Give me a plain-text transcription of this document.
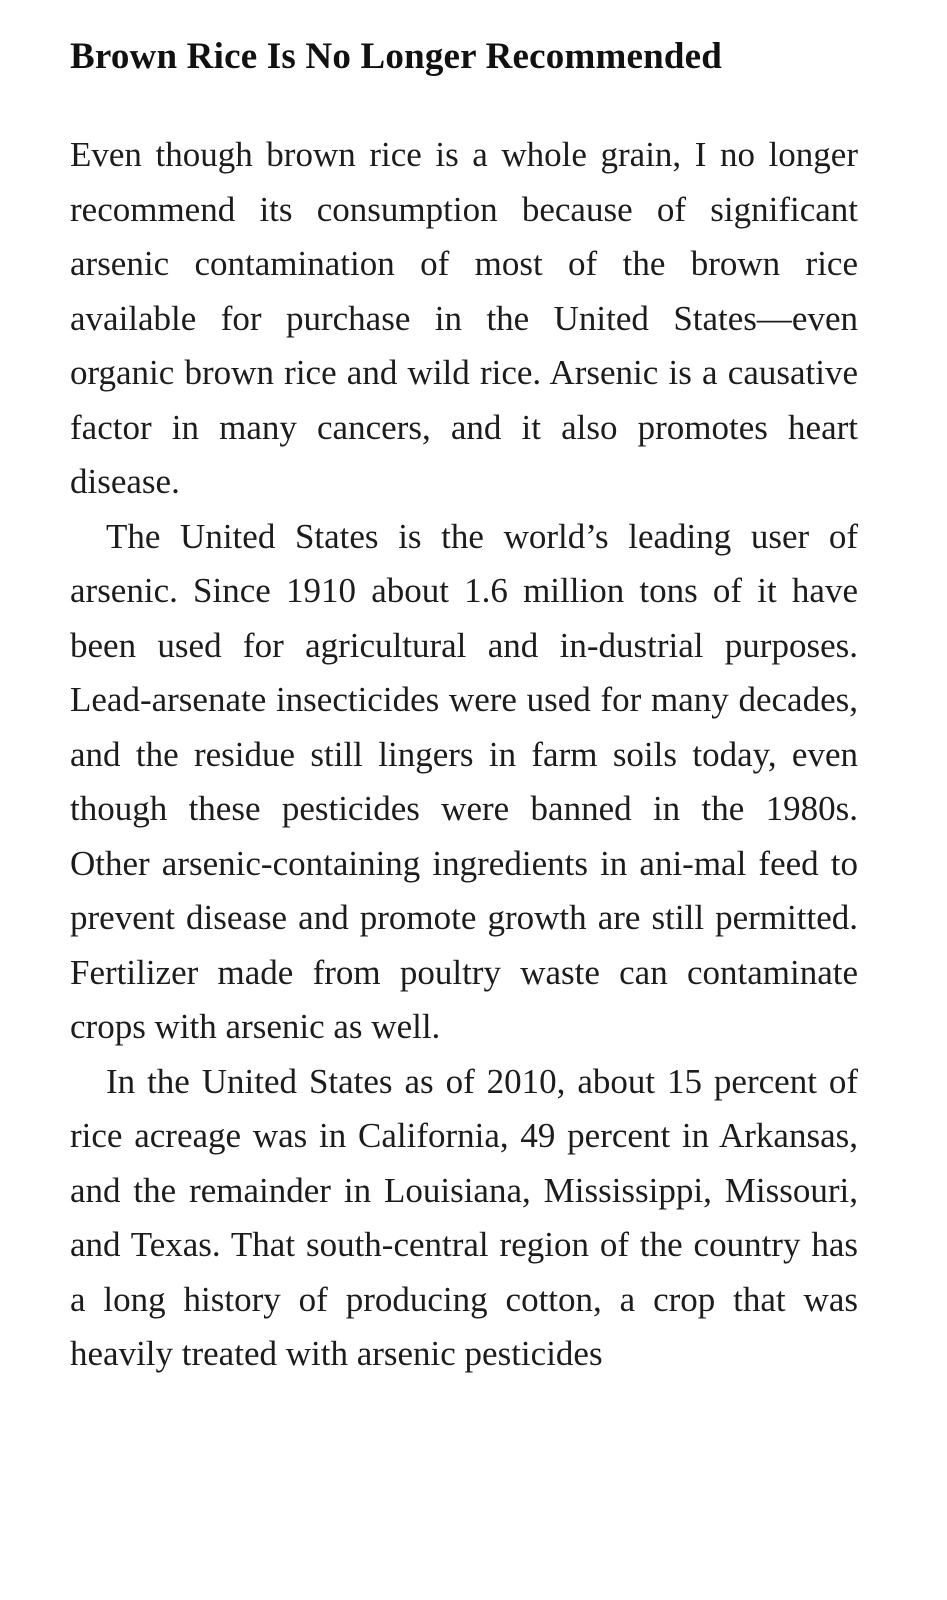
Brown Rice Is No Longer Recommended

Even though brown rice is a whole grain, I no longer recommend its consumption because of significant arsenic contamination of most of the brown rice available for purchase in the United States—even organic brown rice and wild rice. Arsenic is a causative factor in many cancers, and it also promotes heart disease.

The United States is the world’s leading user of arsenic. Since 1910 about 1.6 million tons of it have been used for agricultural and in-dustrial purposes. Lead-arsenate insecticides were used for many decades, and the residue still lingers in farm soils today, even though these pesticides were banned in the 1980s. Other arsenic-containing ingredients in ani-mal feed to prevent disease and promote growth are still permitted. Fertilizer made from poultry waste can contaminate crops with arsenic as well.

In the United States as of 2010, about 15 percent of rice acreage was in California, 49 percent in Arkansas, and the remainder in Louisiana, Mississippi, Missouri, and Texas. That south-central region of the country has a long history of producing cotton, a crop that was heavily treated with arsenic pesticides
